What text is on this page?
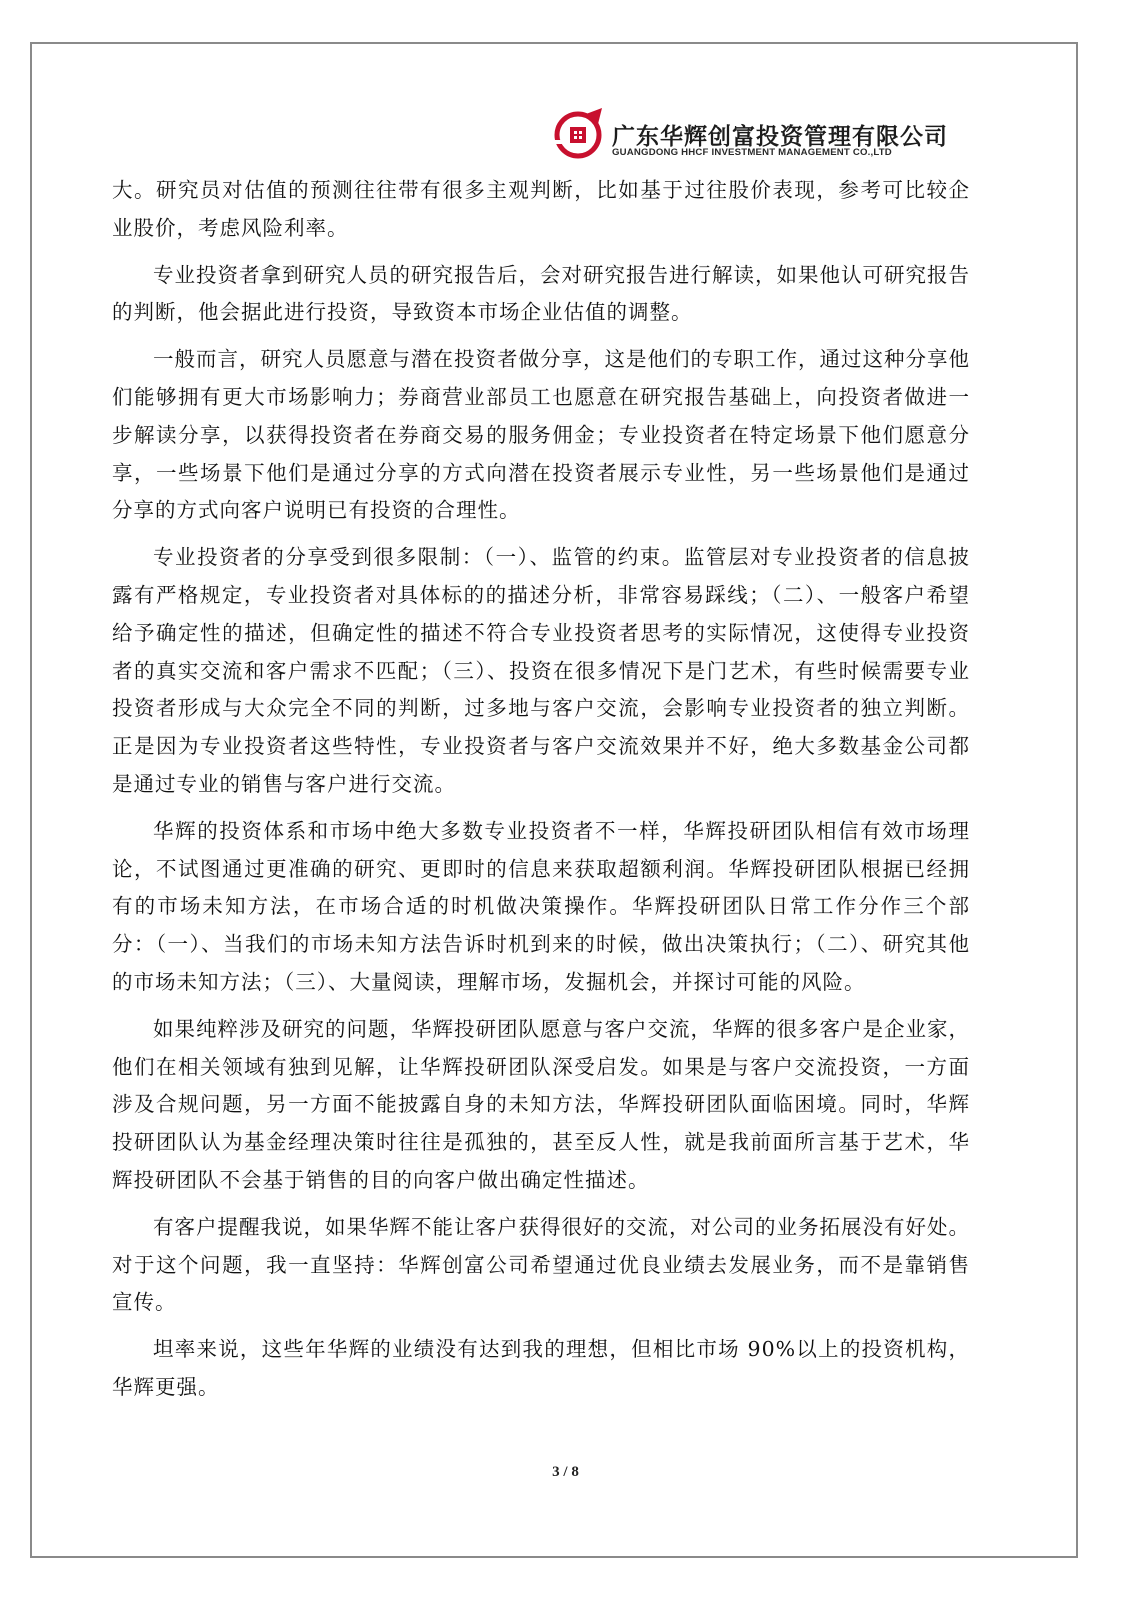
广东华辉创富投资管理有限公司
GUANGDONG HHCF INVESTMENT MANAGEMENT CO.,LTD

大。研究员对估值的预测往往带有很多主观判断，比如基于过往股价表现，参考可比较企业股价，考虑风险利率。

专业投资者拿到研究人员的研究报告后，会对研究报告进行解读，如果他认可研究报告的判断，他会据此进行投资，导致资本市场企业估值的调整。

一般而言，研究人员愿意与潜在投资者做分享，这是他们的专职工作，通过这种分享他们能够拥有更大市场影响力；券商营业部员工也愿意在研究报告基础上，向投资者做进一步解读分享，以获得投资者在券商交易的服务佣金；专业投资者在特定场景下他们愿意分享，一些场景下他们是通过分享的方式向潜在投资者展示专业性，另一些场景他们是通过分享的方式向客户说明已有投资的合理性。

专业投资者的分享受到很多限制：（一）、监管的约束。监管层对专业投资者的信息披露有严格规定，专业投资者对具体标的的描述分析，非常容易踩线；（二）、一般客户希望给予确定性的描述，但确定性的描述不符合专业投资者思考的实际情况，这使得专业投资者的真实交流和客户需求不匹配；（三）、投资在很多情况下是门艺术，有些时候需要专业投资者形成与大众完全不同的判断，过多地与客户交流，会影响专业投资者的独立判断。正是因为专业投资者这些特性，专业投资者与客户交流效果并不好，绝大多数基金公司都是通过专业的销售与客户进行交流。

华辉的投资体系和市场中绝大多数专业投资者不一样，华辉投研团队相信有效市场理论，不试图通过更准确的研究、更即时的信息来获取超额利润。华辉投研团队根据已经拥有的市场未知方法，在市场合适的时机做决策操作。华辉投研团队日常工作分作三个部分：（一）、当我们的市场未知方法告诉时机到来的时候，做出决策执行；（二）、研究其他的市场未知方法；（三）、大量阅读，理解市场，发掘机会，并探讨可能的风险。

如果纯粹涉及研究的问题，华辉投研团队愿意与客户交流，华辉的很多客户是企业家，他们在相关领域有独到见解，让华辉投研团队深受启发。如果是与客户交流投资，一方面涉及合规问题，另一方面不能披露自身的未知方法，华辉投研团队面临困境。同时，华辉投研团队认为基金经理决策时往往是孤独的，甚至反人性，就是我前面所言基于艺术，华辉投研团队不会基于销售的目的向客户做出确定性描述。

有客户提醒我说，如果华辉不能让客户获得很好的交流，对公司的业务拓展没有好处。对于这个问题，我一直坚持：华辉创富公司希望通过优良业绩去发展业务，而不是靠销售宣传。

坦率来说，这些年华辉的业绩没有达到我的理想，但相比市场 90%以上的投资机构，华辉更强。

3 / 8
